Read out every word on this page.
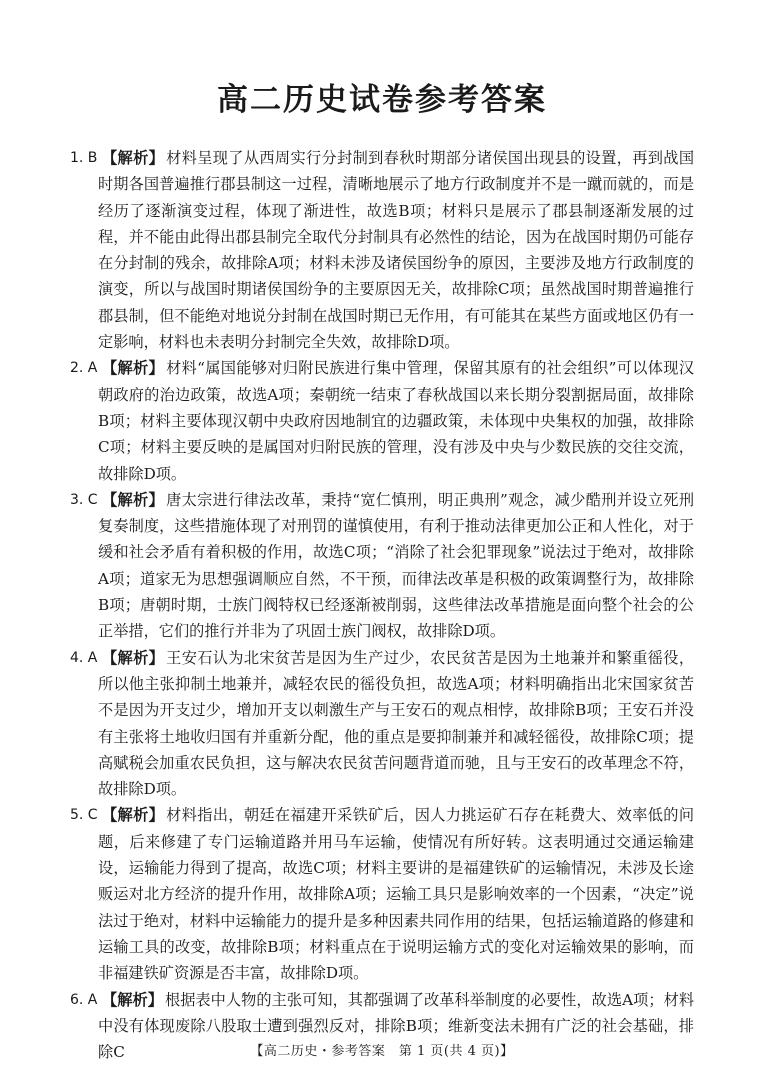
高二历史试卷参考答案

1. B 【解析】 材料呈现了从西周实行分封制到春秋时期部分诸侯国出现县的设置，再到战国时期各国普遍推行郡县制这一过程，清晰地展示了地方行政制度并不是一蹴而就的，而是经历了逐渐演变过程，体现了渐进性，故选B项；材料只是展示了郡县制逐渐发展的过程，并不能由此得出郡县制完全取代分封制具有必然性的结论，因为在战国时期仍可能存在分封制的残余，故排除A项；材料未涉及诸侯国纷争的原因，主要涉及地方行政制度的演变，所以与战国时期诸侯国纷争的主要原因无关，故排除C项；虽然战国时期普遍推行郡县制，但不能绝对地说分封制在战国时期已无作用，有可能其在某些方面或地区仍有一定影响，材料也未表明分封制完全失效，故排除D项。

2. A 【解析】 材料“属国能够对归附民族进行集中管理，保留其原有的社会组织”可以体现汉朝政府的治边政策，故选A项；秦朝统一结束了春秋战国以来长期分裂割据局面，故排除B项；材料主要体现汉朝中央政府因地制宜的边疆政策，未体现中央集权的加强，故排除C项；材料主要反映的是属国对归附民族的管理，没有涉及中央与少数民族的交往交流，故排除D项。

3. C 【解析】 唐太宗进行律法改革，秉持“宽仁慎刑，明正典刑”观念，减少酷刑并设立死刑复奏制度，这些措施体现了对刑罚的谨慎使用，有利于推动法律更加公正和人性化，对于缓和社会矛盾有着积极的作用，故选C项；“消除了社会犯罪现象”说法过于绝对，故排除A项；道家无为思想强调顺应自然，不干预，而律法改革是积极的政策调整行为，故排除B项；唐朝时期，士族门阀特权已经逐渐被削弱，这些律法改革措施是面向整个社会的公正举措，它们的推行并非为了巩固士族门阀权，故排除D项。

4. A 【解析】 王安石认为北宋贫苦是因为生产过少，农民贫苦是因为土地兼并和繁重徭役，所以他主张抑制土地兼并，减轻农民的徭役负担，故选A项；材料明确指出北宋国家贫苦不是因为开支过少，增加开支以刺激生产与王安石的观点相悖，故排除B项；王安石并没有主张将土地收归国有并重新分配，他的重点是要抑制兼并和减轻徭役，故排除C项；提高赋税会加重农民负担，这与解决农民贫苦问题背道而驰，且与王安石的改革理念不符，故排除D项。

5. C 【解析】 材料指出，朝廷在福建开采铁矿后，因人力挑运矿石存在耗费大、效率低的问题，后来修建了专门运输道路并用马车运输，使情况有所好转。这表明通过交通运输建设，运输能力得到了提高，故选C项；材料主要讲的是福建铁矿的运输情况，未涉及长途贩运对北方经济的提升作用，故排除A项；运输工具只是影响效率的一个因素，“决定”说法过于绝对，材料中运输能力的提升是多种因素共同作用的结果，包括运输道路的修建和运输工具的改变，故排除B项；材料重点在于说明运输方式的变化对运输效果的影响，而非福建铁矿资源是否丰富，故排除D项。

6. A 【解析】 根据表中人物的主张可知，其都强调了改革科举制度的必要性，故选A项；材料中没有体现废除八股取士遭到强烈反对，排除B项；维新变法未拥有广泛的社会基础，排除C	【高二历史・参考答案　第 1 页(共 4 页)】
